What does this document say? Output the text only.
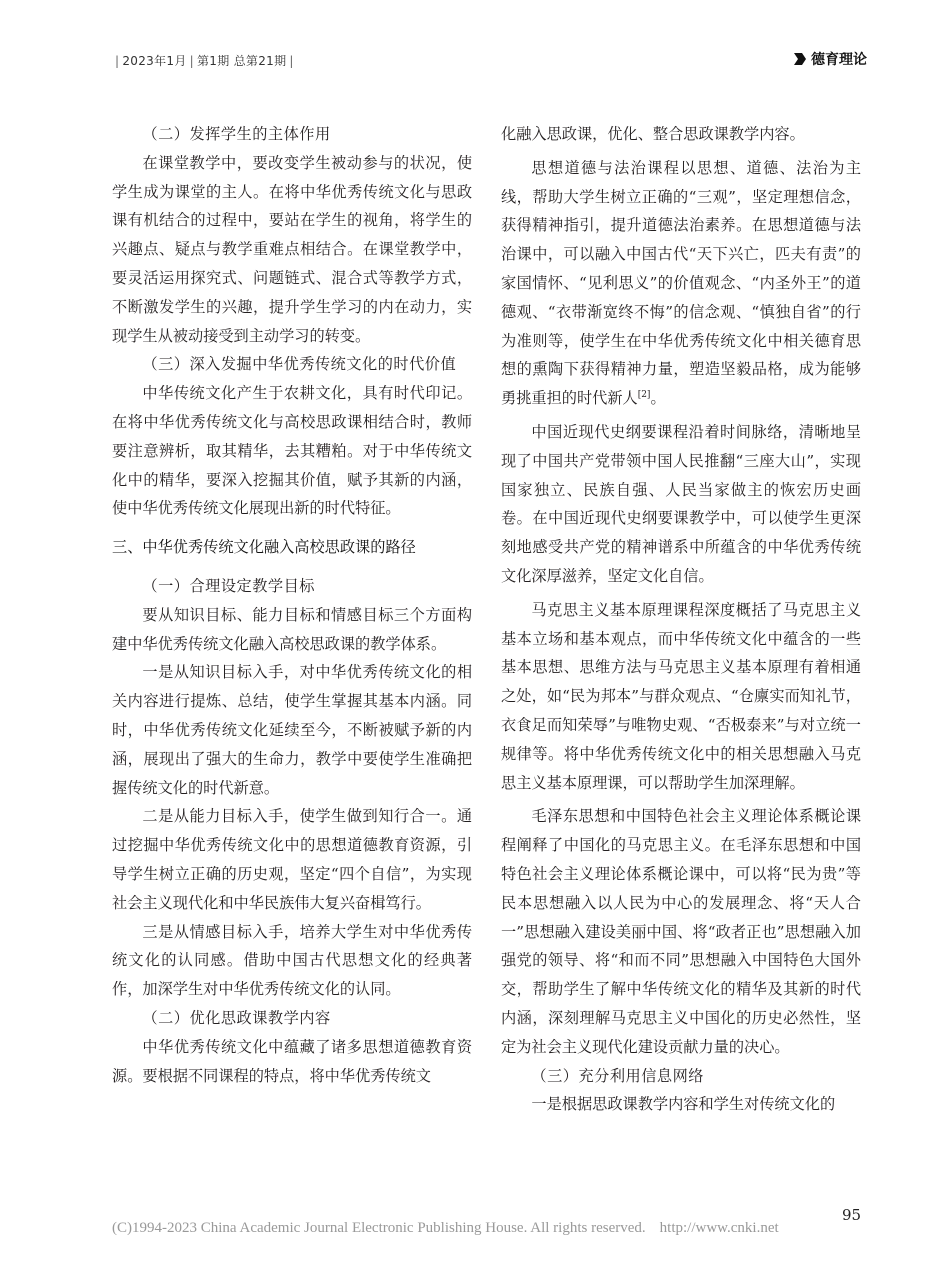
| 2023年1月 | 第1期 总第21期 |	德育理论
（二）发挥学生的主体作用

在课堂教学中，要改变学生被动参与的状况，使学生成为课堂的主人。在将中华优秀传统文化与思政课有机结合的过程中，要站在学生的视角，将学生的兴趣点、疑点与教学重难点相结合。在课堂教学中，要灵活运用探究式、问题链式、混合式等教学方式，不断激发学生的兴趣，提升学生学习的内在动力，实现学生从被动接受到主动学习的转变。

（三）深入发掘中华优秀传统文化的时代价值

中华传统文化产生于农耕文化，具有时代印记。在将中华优秀传统文化与高校思政课相结合时，教师要注意辨析，取其精华，去其糟粕。对于中华传统文化中的精华，要深入挖掘其价值，赋予其新的内涵，使中华优秀传统文化展现出新的时代特征。

三、中华优秀传统文化融入高校思政课的路径
（一）合理设定教学目标

要从知识目标、能力目标和情感目标三个方面构建中华优秀传统文化融入高校思政课的教学体系。

一是从知识目标入手，对中华优秀传统文化的相关内容进行提炼、总结，使学生掌握其基本内涵。同时，中华优秀传统文化延续至今，不断被赋予新的内涵，展现出了强大的生命力，教学中要使学生准确把握传统文化的时代新意。

二是从能力目标入手，使学生做到知行合一。通过挖掘中华优秀传统文化中的思想道德教育资源，引导学生树立正确的历史观，坚定“四个自信”，为实现社会主义现代化和中华民族伟大复兴奋楫笃行。

三是从情感目标入手，培养大学生对中华优秀传统文化的认同感。借助中国古代思想文化的经典著作，加深学生对中华优秀传统文化的认同。

（二）优化思政课教学内容

中华优秀传统文化中蕴藏了诸多思想道德教育资源。要根据不同课程的特点，将中华优秀传统文

化融入思政课，优化、整合思政课教学内容。

思想道德与法治课程以思想、道德、法治为主线，帮助大学生树立正确的“三观”，坚定理想信念，获得精神指引，提升道德法治素养。在思想道德与法治课中，可以融入中国古代“天下兴亡，匹夫有责”的家国情怀、“见利思义”的价值观念、“内圣外王”的道德观、“衣带渐宽终不悔”的信念观、“慎独自省”的行为准则等，使学生在中华优秀传统文化中相关德育思想的熏陶下获得精神力量，塑造坚毅品格，成为能够勇挑重担的时代新人[2]。

中国近现代史纲要课程沿着时间脉络，清晰地呈现了中国共产党带领中国人民推翻“三座大山”，实现国家独立、民族自强、人民当家做主的恢宏历史画卷。在中国近现代史纲要课教学中，可以使学生更深刻地感受共产党的精神谱系中所蕴含的中华优秀传统文化深厚滋养，坚定文化自信。

马克思主义基本原理课程深度概括了马克思主义基本立场和基本观点，而中华传统文化中蕴含的一些基本思想、思维方法与马克思主义基本原理有着相通之处，如“民为邦本”与群众观点、“仓廪实而知礼节，衣食足而知荣辱”与唯物史观、“否极泰来”与对立统一规律等。将中华优秀传统文化中的相关思想融入马克思主义基本原理课，可以帮助学生加深理解。

毛泽东思想和中国特色社会主义理论体系概论课程阐释了中国化的马克思主义。在毛泽东思想和中国特色社会主义理论体系概论课中，可以将“民为贵”等民本思想融入以人民为中心的发展理念、将“天人合一”思想融入建设美丽中国、将“政者正也”思想融入加强党的领导、将“和而不同”思想融入中国特色大国外交，帮助学生了解中华传统文化的精华及其新的时代内涵，深刻理解马克思主义中国化的历史必然性，坚定为社会主义现代化建设贡献力量的决心。

（三）充分利用信息网络

一是根据思政课教学内容和学生对传统文化的

95
(C)1994-2023 China Academic Journal Electronic Publishing House. All rights reserved. http://www.cnki.net
